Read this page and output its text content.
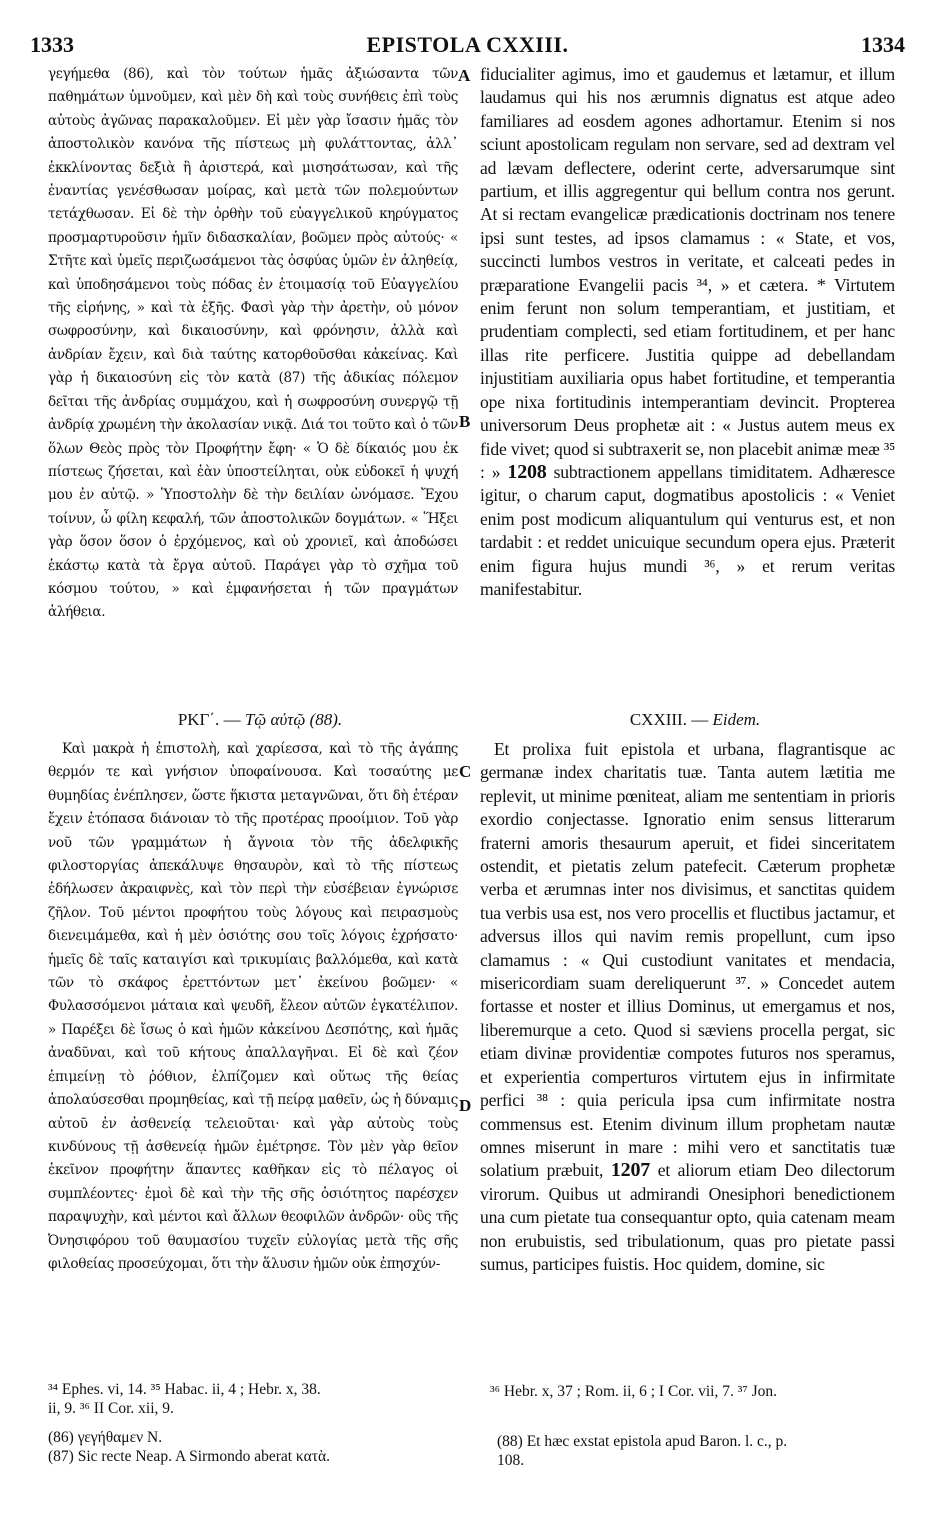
1333	EPISTOLA CXXIII.	1334
A
B
C
D

γεγήμεθα (86), καὶ τὸν τούτων ἡμᾶς ἀξιώσαντα τῶν παθημάτων ὑμνοῦμεν, καὶ μὲν δὴ καὶ τοὺς συνήθεις ἐπὶ τοὺς αὐτοὺς ἀγῶνας παρακαλοῦμεν. Εἰ μὲν γὰρ ἴσασιν ἡμᾶς τὸν ἀποστολικὸν κανόνα τῆς πίστεως μὴ φυλάττοντας, ἀλλ᾽ ἐκκλίνοντας δεξιὰ ἢ ἀριστερά, καὶ μισησάτωσαν, καὶ τῆς ἐναντίας γενέσθωσαν μοίρας, καὶ μετὰ τῶν πολεμούντων τετάχθωσαν. Εἰ δὲ τὴν ὀρθὴν τοῦ εὐαγγελικοῦ κηρύγματος προσμαρτυροῦσιν ἡμῖν διδασκαλίαν, βοῶμεν πρὸς αὐτούς· « Στῆτε καὶ ὑμεῖς περιζωσάμενοι τὰς ὀσφύας ὑμῶν ἐν ἀληθείᾳ, καὶ ὑποδησάμενοι τοὺς πόδας ἐν ἑτοιμασίᾳ τοῦ Εὐαγγελίου τῆς εἰρήνης, » καὶ τὰ ἑξῆς. Φασὶ γὰρ τὴν ἀρετὴν, οὐ μόνον σωφροσύνην, καὶ δικαιοσύνην, καὶ φρόνησιν, ἀλλὰ καὶ ἀνδρίαν ἔχειν, καὶ διὰ ταύτης κατορθοῦσθαι κἀκείνας. Καὶ γὰρ ἡ δικαιοσύνη εἰς τὸν κατὰ (87) τῆς ἀδικίας πόλεμον δεῖται τῆς ἀνδρίας συμμάχου, καὶ ἡ σωφροσύνη συνεργῷ τῇ ἀνδρίᾳ χρωμένη τὴν ἀκολασίαν νικᾷ. Διά τοι τοῦτο καὶ ὁ τῶν ὅλων Θεὸς πρὸς τὸν Προφήτην ἔφη· « Ὁ δὲ δίκαιός μου ἐκ πίστεως ζήσεται, καὶ ἐὰν ὑποστείληται, οὐκ εὐδοκεῖ ἡ ψυχή μου ἐν αὐτῷ. » Ὑποστολὴν δὲ τὴν δειλίαν ὠνόμασε. Ἔχου τοίνυν, ὦ φίλη κεφαλή, τῶν ἀποστολικῶν δογμάτων. « Ἥξει γὰρ ὅσον ὅσον ὁ ἐρχόμενος, καὶ οὐ χρονιεῖ, καὶ ἀποδώσει ἑκάστῳ κατὰ τὰ ἔργα αὐτοῦ. Παράγει γὰρ τὸ σχῆμα τοῦ κόσμου τούτου, » καὶ ἐμφανήσεται ἡ τῶν πραγμάτων ἀλήθεια.

fiducialiter agimus, imo et gaudemus et lætamur, et illum laudamus qui his nos ærumnis dignatus est atque adeo familiares ad eosdem agones adhortamur. Etenim si nos sciunt apostolicam regulam non servare, sed ad dextram vel ad lævam deflectere, oderint certe, adversarumque sint partium, et illis aggregentur qui bellum contra nos gerunt. At si rectam evangelicæ prædicationis doctrinam nos tenere ipsi sunt testes, ad ipsos clamamus : « State, et vos, succincti lumbos vestros in veritate, et calceati pedes in præparatione Evangelii pacis ³⁴, » et cætera. * Virtutem enim ferunt non solum temperantiam, et justitiam, et prudentiam complecti, sed etiam fortitudinem, et per hanc illas rite perficere. Justitia quippe ad debellandam injustitiam auxiliaria opus habet fortitudine, et temperantia ope nixa fortitudinis intemperantiam devincit. Propterea universorum Deus prophetæ ait : « Justus autem meus ex fide vivet; quod si subtraxerit se, non placebit animæ meæ ³⁵ : » 1208 subtractionem appellans timiditatem. Adhæresce igitur, o charum caput, dogmatibus apostolicis : « Veniet enim post modicum aliquantulum qui venturus est, et non tardabit : et reddet unicuique secundum opera ejus. Præterit enim figura hujus mundi ³⁶, » et rerum veritas manifestabitur.

ΡΚΓ΄. — Τῷ αὐτῷ (88).	CXXIII. — Eidem.

Καὶ μακρὰ ἡ ἐπιστολὴ, καὶ χαρίεσσα, καὶ τὸ τῆς ἀγάπης θερμόν τε καὶ γνήσιον ὑποφαίνουσα. Καὶ τοσαύτης με θυμηδίας ἐνέπλησεν, ὥστε ἥκιστα μεταγνῶναι, ὅτι δὴ ἑτέραν ἔχειν ἐτόπασα διάνοιαν τὸ τῆς προτέρας προοίμιον. Τοῦ γὰρ νοῦ τῶν γραμμάτων ἡ ἄγνοια τὸν τῆς ἀδελφικῆς φιλοστοργίας ἀπεκάλυψε θησαυρὸν, καὶ τὸ τῆς πίστεως ἐδήλωσεν ἀκραιφνὲς, καὶ τὸν περὶ τὴν εὐσέβειαν ἐγνώρισε ζῆλον. Τοῦ μέντοι προφήτου τοὺς λόγους καὶ πειρασμοὺς διενειμάμεθα, καὶ ἡ μὲν ὁσιότης σου τοῖς λόγοις ἐχρήσατο· ἡμεῖς δὲ ταῖς καταιγίσι καὶ τρικυμίαις βαλλόμεθα, καὶ κατὰ τῶν τὸ σκάφος ἐρεττόντων μετ᾽ ἐκείνου βοῶμεν· « Φυλασσόμενοι μάταια καὶ ψευδῆ, ἔλεον αὐτῶν ἐγκατέλιπον. » Παρέξει δὲ ἴσως ὁ καὶ ἡμῶν κἀκείνου Δεσπότης, καὶ ἡμᾶς ἀναδῦναι, καὶ τοῦ κήτους ἀπαλλαγῆναι. Εἰ δὲ καὶ ζέον ἐπιμείνῃ τὸ ῥόθιον, ἐλπίζομεν καὶ οὕτως τῆς θείας ἀπολαύσεσθαι προμηθείας, καὶ τῇ πείρᾳ μαθεῖν, ὡς ἡ δύναμις αὐτοῦ ἐν ἀσθενείᾳ τελειοῦται· καὶ γὰρ αὐτοὺς τοὺς κινδύνους τῇ ἀσθενείᾳ ἡμῶν ἐμέτρησε. Τὸν μὲν γὰρ θεῖον ἐκεῖνον προφήτην ἅπαντες καθῆκαν εἰς τὸ πέλαγος οἱ συμπλέοντες· ἐμοὶ δὲ καὶ τὴν τῆς σῆς ὁσιότητος παρέσχεν παραψυχὴν, καὶ μέντοι καὶ ἄλλων θεοφιλῶν ἀνδρῶν· οὓς τῆς Ὀνησιφόρου τοῦ θαυμασίου τυχεῖν εὐλογίας μετὰ τῆς σῆς φιλοθείας προσεύχομαι, ὅτι τὴν ἅλυσιν ἡμῶν οὐκ ἐπησχύν-

Et prolixa fuit epistola et urbana, flagrantisque ac germanæ index charitatis tuæ. Tanta autem lætitia me replevit, ut minime pœniteat, aliam me sententiam in prioris exordio conjectasse. Ignoratio enim sensus litterarum fraterni amoris thesaurum aperuit, et fidei sinceritatem ostendit, et pietatis zelum patefecit. Cæterum prophetæ verba et ærumnas inter nos divisimus, et sanctitas quidem tua verbis usa est, nos vero procellis et fluctibus jactamur, et adversus illos qui navim remis propellunt, cum ipso clamamus : « Qui custodiunt vanitates et mendacia, misericordiam suam dereliquerunt ³⁷. » Concedet autem fortasse et noster et illius Dominus, ut emergamus et nos, liberemurque a ceto. Quod si sæviens procella pergat, sic etiam divinæ providentiæ compotes futuros nos speramus, et experientia comperturos virtutem ejus in infirmitate perfici ³⁸ : quia pericula ipsa cum infirmitate nostra commensus est. Etenim divinum illum prophetam nautæ omnes miserunt in mare : mihi vero et sanctitatis tuæ solatium præbuit, 1207 et aliorum etiam Deo dilectorum virorum. Quibus ut admirandi Onesiphori benedictionem una cum pietate tua consequantur opto, quia catenam meam non erubuistis, sed tribulationum, quas pro pietate passi sumus, participes fuistis. Hoc quidem, domine, sic

³⁴ Ephes. vi, 14. ³⁵ Habac. ii, 4 ; Hebr. x, 38.
ii, 9. ³⁶ II Cor. xii, 9.
(86) γεγήθαμεν N.
(87) Sic recte Neap. A Sirmondo aberat κατὰ.
³⁶ Hebr. x, 37 ; Rom. ii, 6 ; I Cor. vii, 7. ³⁷ Jon.
(88) Et hæc exstat epistola apud Baron. l. c., p.
108.
